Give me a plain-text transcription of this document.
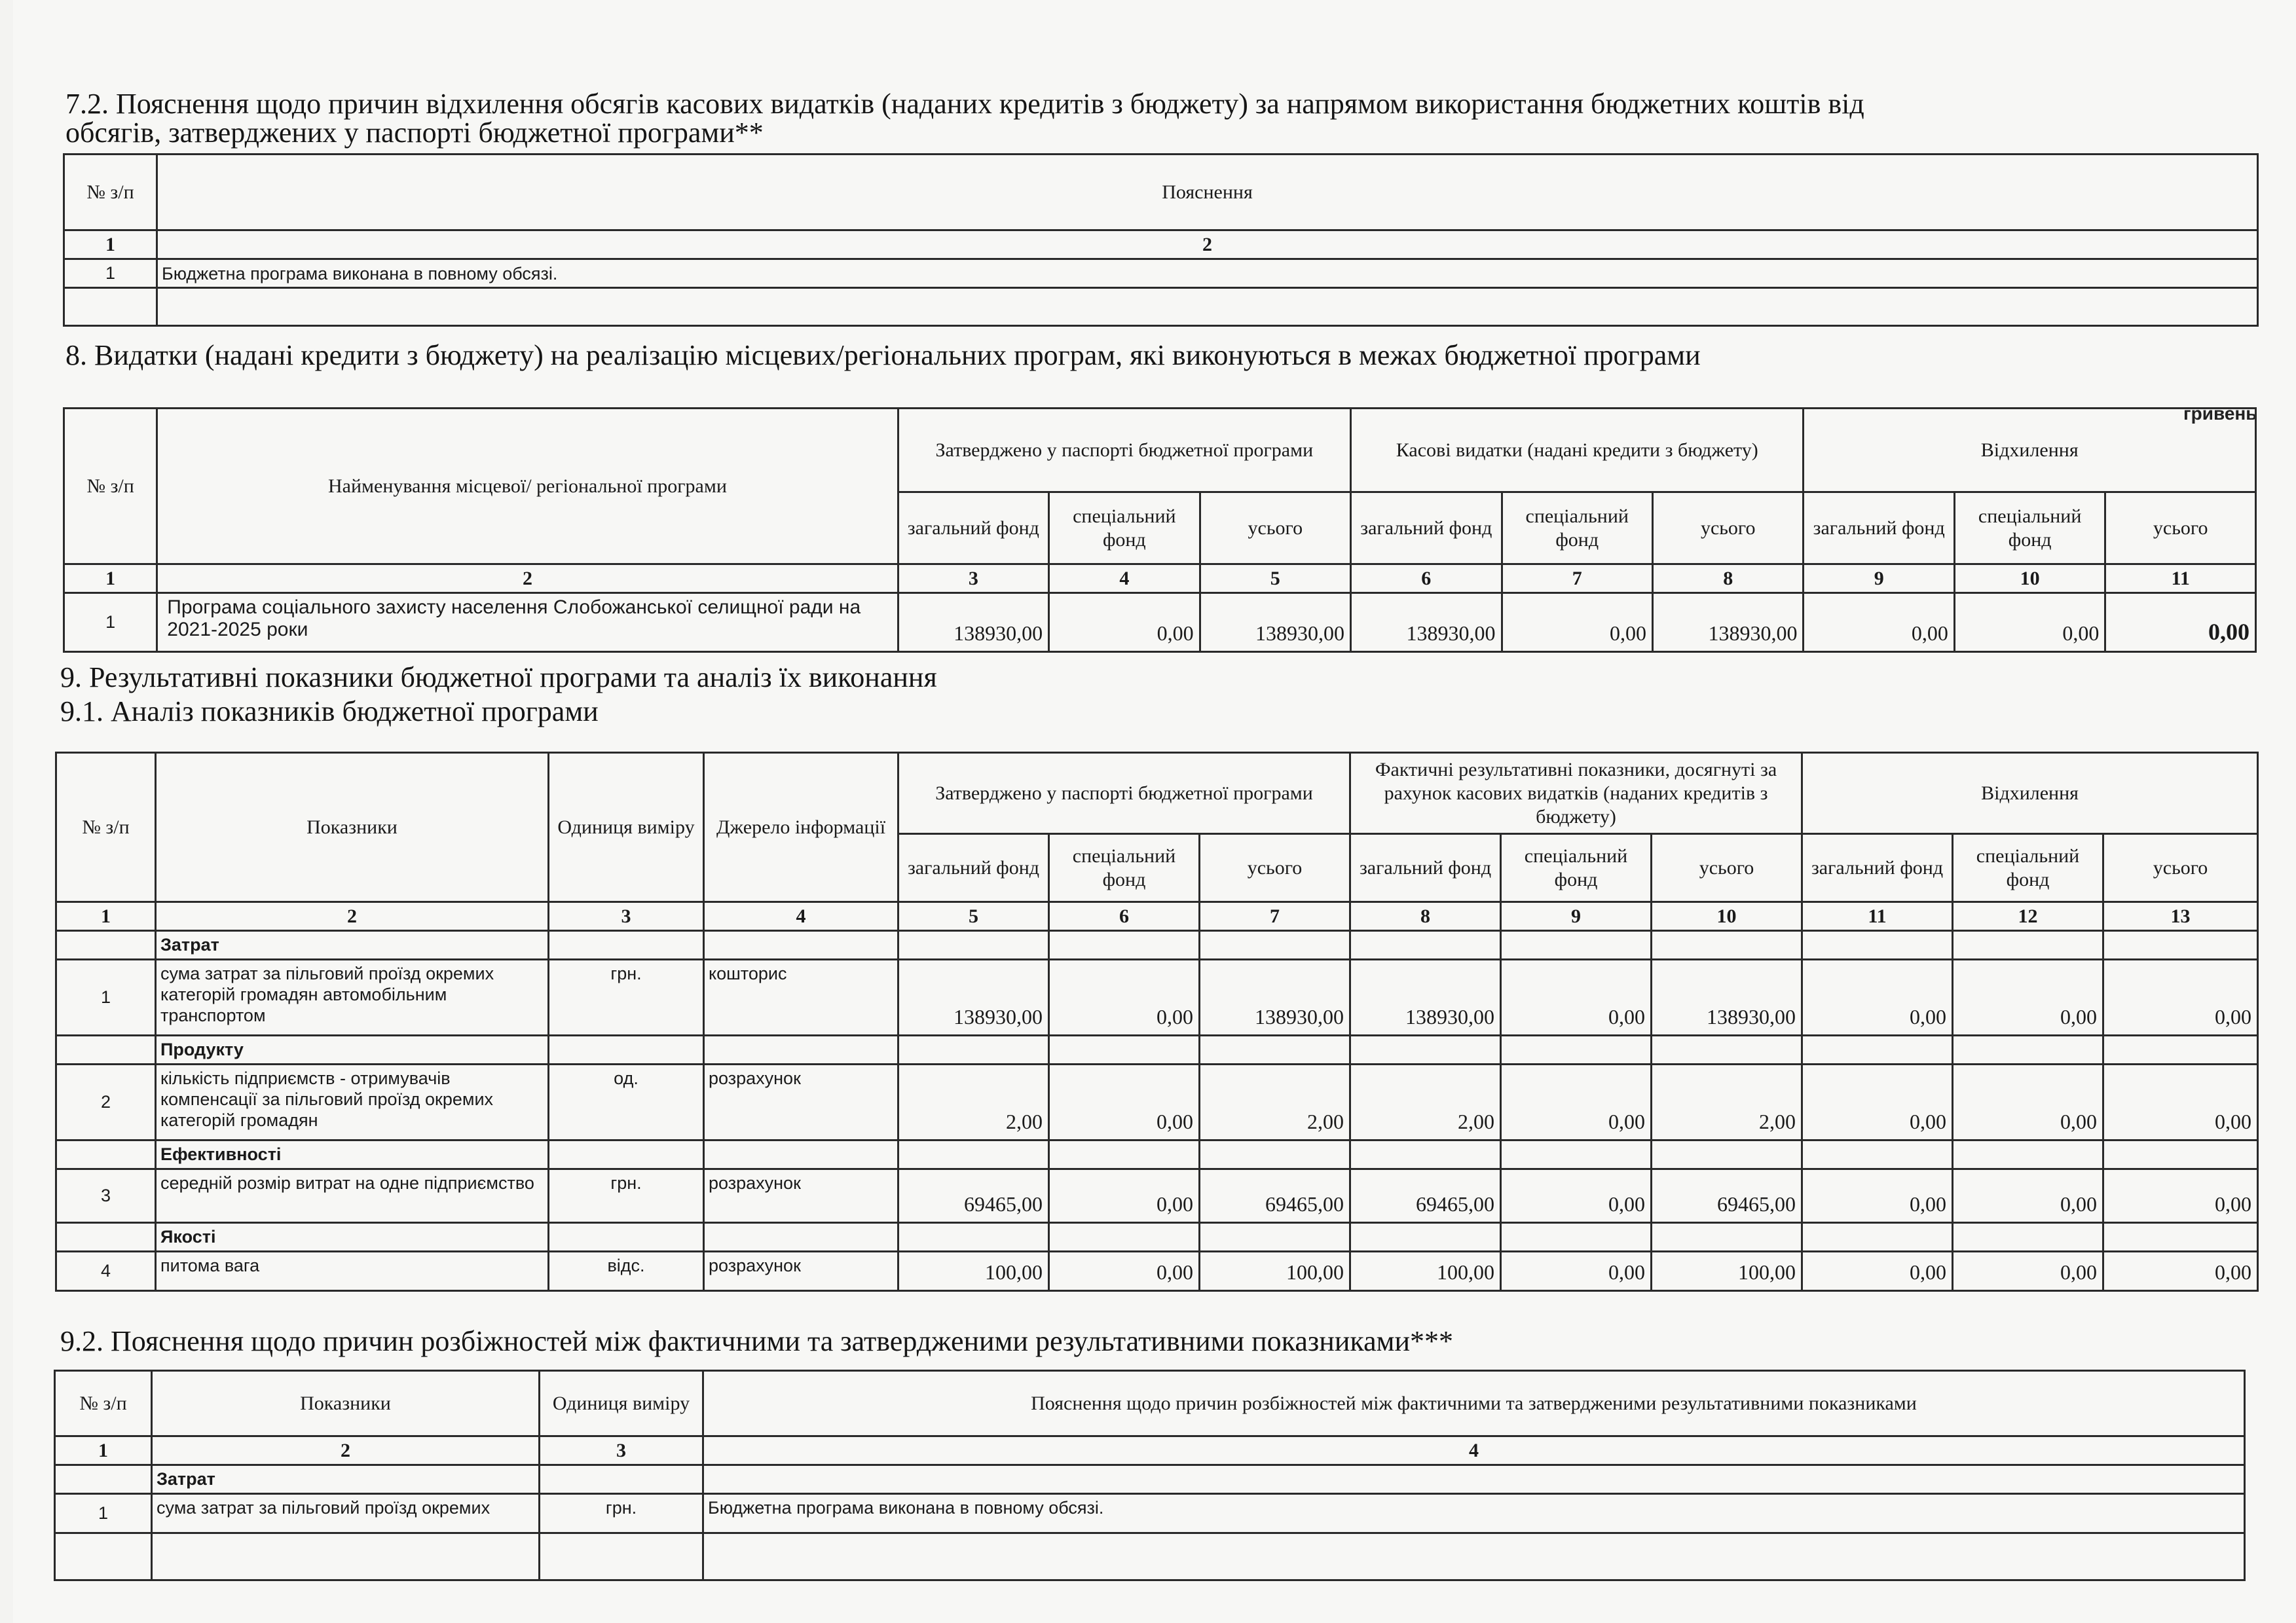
7.2. Пояснення щодо причин відхилення обсягів касових видатків (наданих кредитів з бюджету) за напрямом використання бюджетних коштів від
обсягів, затверджених у паспорті бюджетної програми**
№ з/п	Пояснення
1	2
1	Бюджетна програма виконана в повному обсязі.

8. Видатки (надані кредити з бюджету) на реалізацію місцевих/регіональних програм, які виконуються в межах бюджетної програми
гривень
№ з/п	Найменування місцевої/ регіональної програми	Затверджено у паспорті бюджетної програми			Касові видатки (надані кредити з бюджету)			Відхилення		
		загальний фонд	спеціальний фонд	усього	загальний фонд	спеціальний фонд	усього	загальний фонд	спеціальний фонд	усього
1	2	3	4	5	6	7	8	9	10	11
1	Програма соціального захисту населення Слобожанської селищної ради на 2021-2025 роки	138930,00	0,00	138930,00	138930,00	0,00	138930,00	0,00	0,00	0,00
9. Результативні показники бюджетної програми та аналіз їх виконання
9.1. Аналіз показників бюджетної програми
№ з/п	Показники	Одиниця виміру	Джерело інформації	Затверджено у паспорті бюджетної програми			Фактичні результативні показники, досягнуті за рахунок касових видатків (наданих кредитів з бюджету)			Відхилення		
				загальний фонд	спеціальний фонд	усього	загальний фонд	спеціальний фонд	усього	загальний фонд	спеціальний фонд	усього
1	2	3	4	5	6	7	8	9	10	11	12	13
	Затрат											
1	сума затрат за пільговий проїзд окремих категорій громадян автомобільним транспортом	грн.	кошторис	138930,00	0,00	138930,00	138930,00	0,00	138930,00	0,00	0,00	0,00
	Продукту											
2	кількість підприємств - отримувачів компенсації за пільговий проїзд окремих категорій громадян	од.	розрахунок	2,00	0,00	2,00	2,00	0,00	2,00	0,00	0,00	0,00
	Ефективності											
3	середній розмір витрат на одне підприємство	грн.	розрахунок	69465,00	0,00	69465,00	69465,00	0,00	69465,00	0,00	0,00	0,00
	Якості											
4	питома вага	відс.	розрахунок	100,00	0,00	100,00	100,00	0,00	100,00	0,00	0,00	0,00
9.2. Пояснення щодо причин розбіжностей між фактичними та затвердженими результативними показниками***
№ з/п	Показники	Одиниця виміру	Пояснення щодо причин розбіжностей між фактичними та затвердженими результативними показниками
1	2	3	4
	Затрат		
1	сума затрат за пільговий проїзд окремих	грн.	Бюджетна програма виконана в повному обсязі.
